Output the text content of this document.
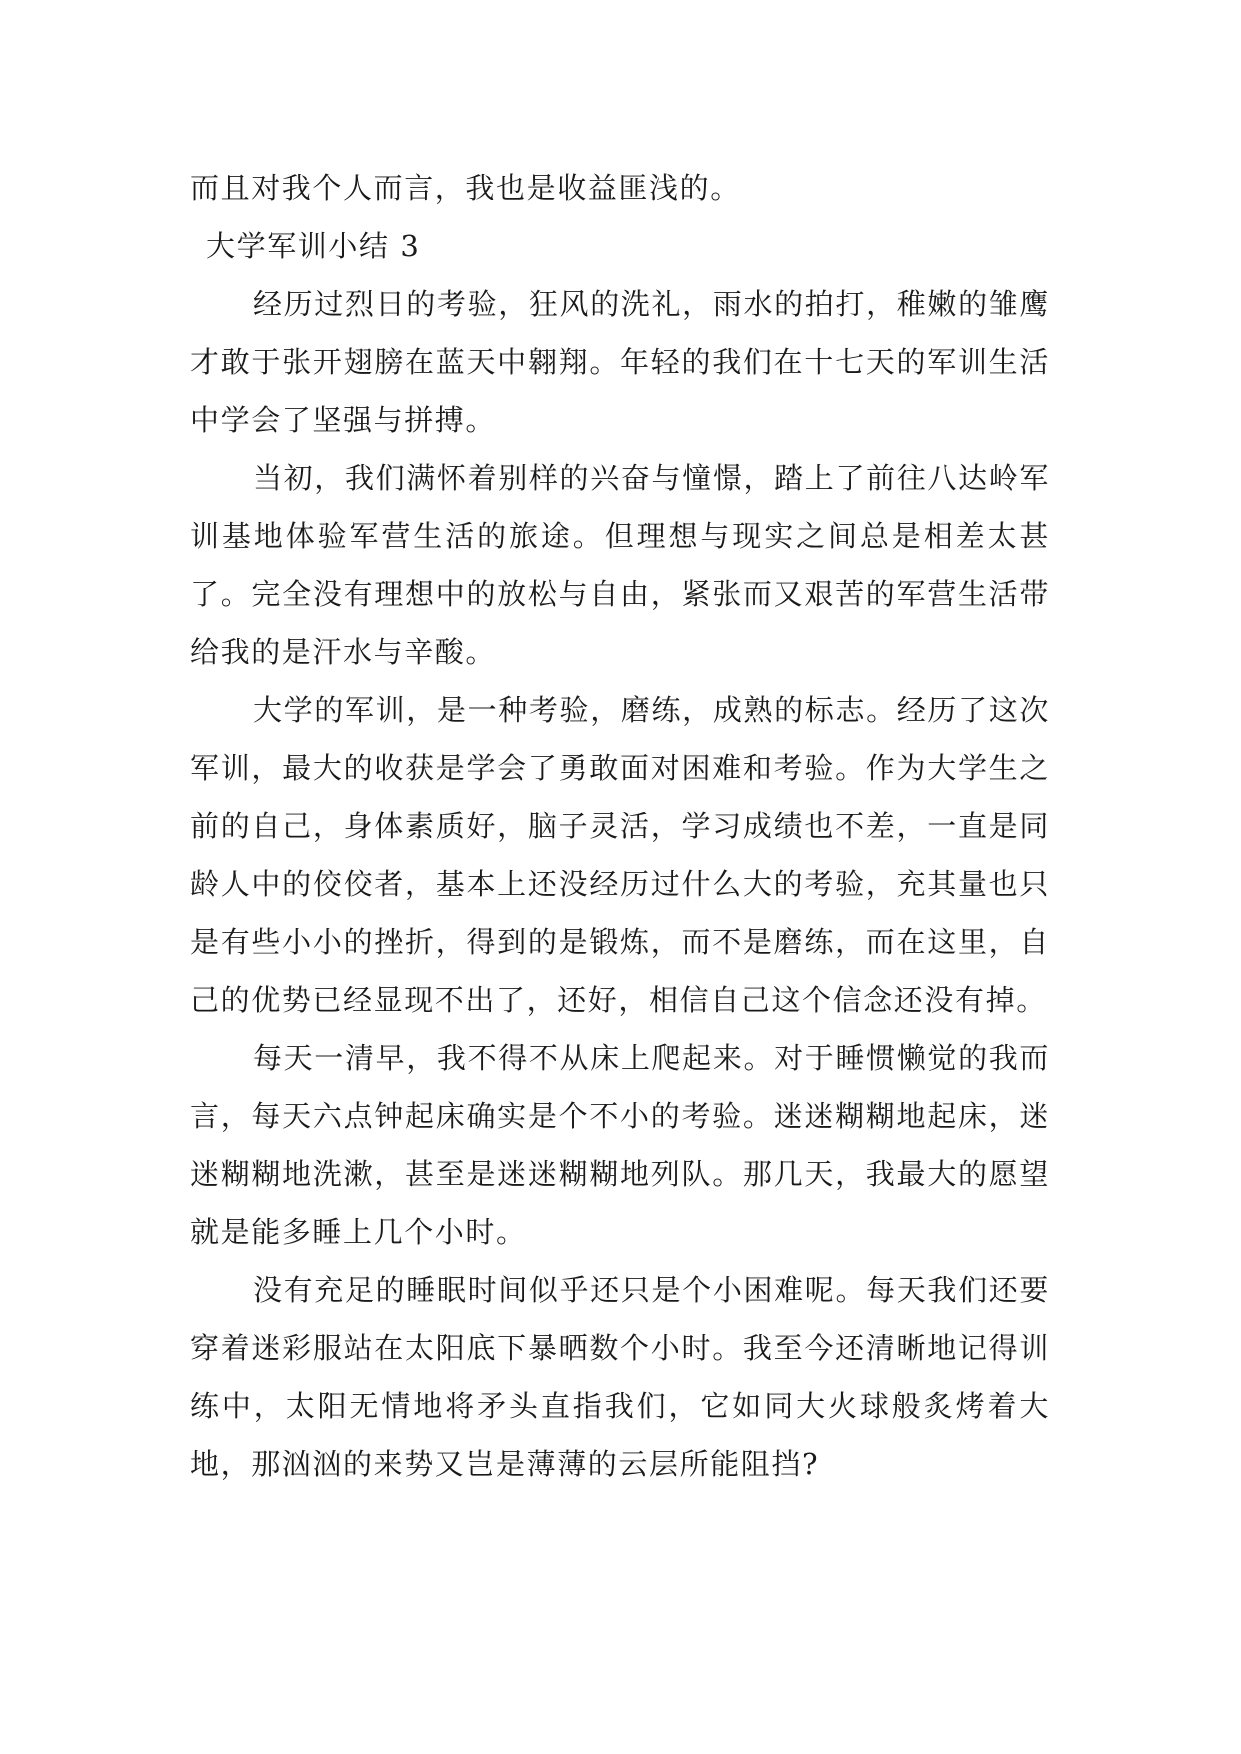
而且对我个人而言，我也是收益匪浅的。

大学军训小结 3

经历过烈日的考验，狂风的洗礼，雨水的拍打，稚嫩的雏鹰才敢于张开翅膀在蓝天中翱翔。年轻的我们在十七天的军训生活中学会了坚强与拼搏。

当初，我们满怀着别样的兴奋与憧憬，踏上了前往八达岭军训基地体验军营生活的旅途。但理想与现实之间总是相差太甚了。完全没有理想中的放松与自由，紧张而又艰苦的军营生活带给我的是汗水与辛酸。

大学的军训，是一种考验，磨练，成熟的标志。经历了这次军训，最大的收获是学会了勇敢面对困难和考验。作为大学生之前的自己，身体素质好，脑子灵活，学习成绩也不差，一直是同龄人中的佼佼者，基本上还没经历过什么大的考验，充其量也只是有些小小的挫折，得到的是锻炼，而不是磨练，而在这里，自己的优势已经显现不出了，还好，相信自己这个信念还没有掉。

每天一清早，我不得不从床上爬起来。对于睡惯懒觉的我而言，每天六点钟起床确实是个不小的考验。迷迷糊糊地起床，迷迷糊糊地洗漱，甚至是迷迷糊糊地列队。那几天，我最大的愿望就是能多睡上几个小时。

没有充足的睡眠时间似乎还只是个小困难呢。每天我们还要穿着迷彩服站在太阳底下暴晒数个小时。我至今还清晰地记得训练中，太阳无情地将矛头直指我们，它如同大火球般炙烤着大地，那汹汹的来势又岂是薄薄的云层所能阻挡?
